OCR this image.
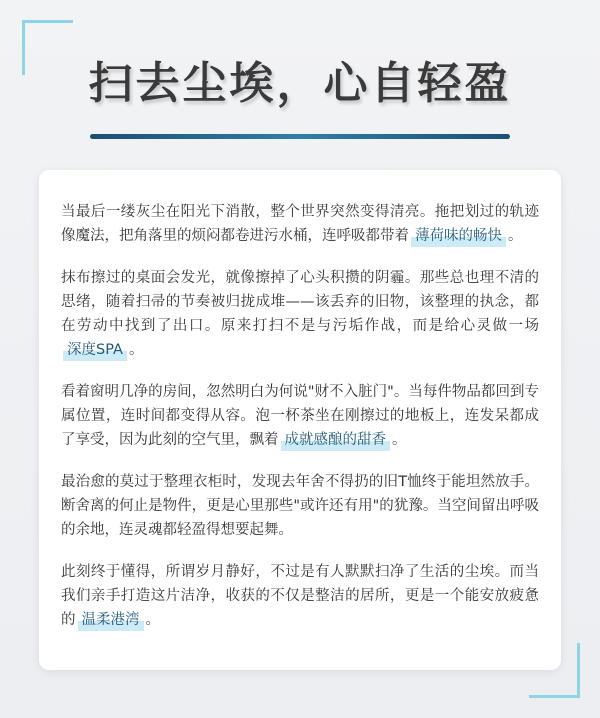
扫去尘埃，心自轻盈

当最后一缕灰尘在阳光下消散，整个世界突然变得清亮。拖把划过的轨迹像魔法，把角落里的烦闷都卷进污水桶，连呼吸都带着 薄荷味的畅快 。

抹布擦过的桌面会发光，就像擦掉了心头积攒的阴霾。那些总也理不清的思绪，随着扫帚的节奏被归拢成堆——该丢弃的旧物，该整理的执念，都在劳动中找到了出口。原来打扫不是与污垢作战，而是给心灵做一场深度SPA 。

看着窗明几净的房间，忽然明白为何说"财不入脏门"。当每件物品都回到专属位置，连时间都变得从容。泡一杯茶坐在刚擦过的地板上，连发呆都成了享受，因为此刻的空气里，飘着 成就感酿的甜香 。

最治愈的莫过于整理衣柜时，发现去年舍不得扔的旧T恤终于能坦然放手。断舍离的何止是物件，更是心里那些"或许还有用"的犹豫。当空间留出呼吸的余地，连灵魂都轻盈得想要起舞。

此刻终于懂得，所谓岁月静好，不过是有人默默扫净了生活的尘埃。而当我们亲手打造这片洁净，收获的不仅是整洁的居所，更是一个能安放疲惫的 温柔港湾 。
